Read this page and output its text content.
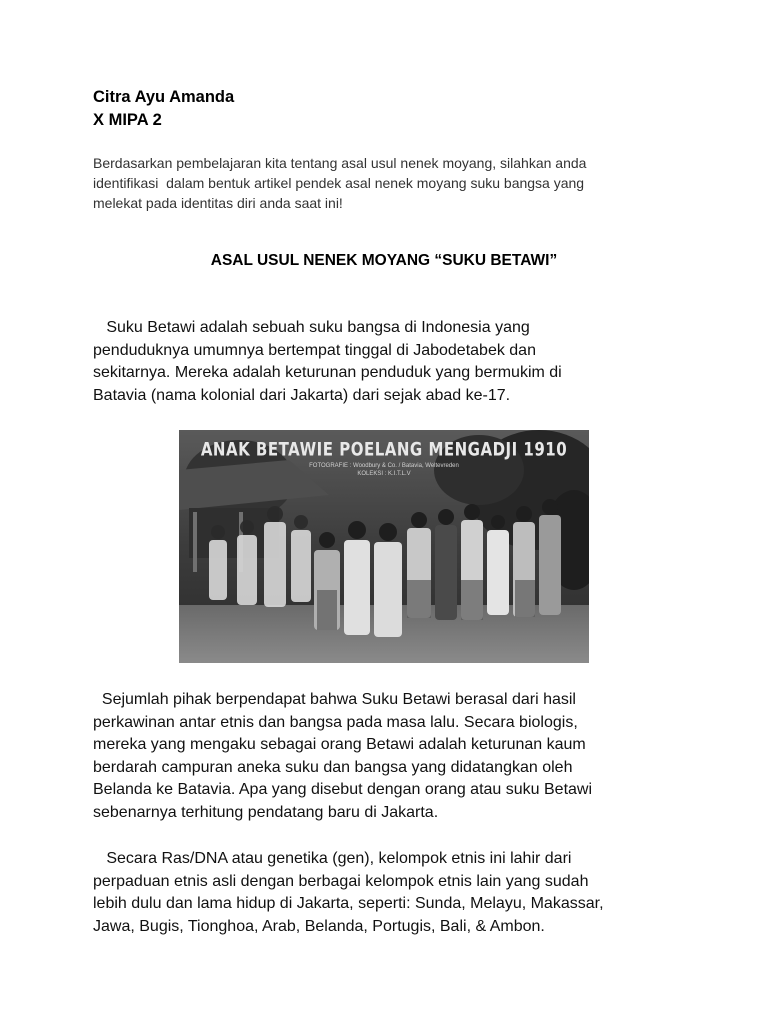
Citra Ayu Amanda

X MIPA 2

Berdasarkan pembelajaran kita tentang asal usul nenek moyang, silahkan anda
identifikasi  dalam bentuk artikel pendek asal nenek moyang suku bangsa yang
melekat pada identitas diri anda saat ini!
ASAL USUL NENEK MOYANG “SUKU BETAWI”
Suku Betawi adalah sebuah suku bangsa di Indonesia yang
penduduknya umumnya bertempat tinggal di Jabodetabek dan
sekitarnya. Mereka adalah keturunan penduduk yang bermukim di
Batavia (nama kolonial dari Jakarta) dari sejak abad ke-17.
ANAK BETAWIE POELANG MENGADJI 1910
FOTOGRAFIE : Woodbury & Co. / Batavia, Weltevreden
KOLEKSI : K.I.T.L.V
Sejumlah pihak berpendapat bahwa Suku Betawi berasal dari hasil
perkawinan antar etnis dan bangsa pada masa lalu. Secara biologis,
mereka yang mengaku sebagai orang Betawi adalah keturunan kaum
berdarah campuran aneka suku dan bangsa yang didatangkan oleh
Belanda ke Batavia. Apa yang disebut dengan orang atau suku Betawi
sebenarnya terhitung pendatang baru di Jakarta.
Secara Ras/DNA atau genetika (gen), kelompok etnis ini lahir dari
perpaduan etnis asli dengan berbagai kelompok etnis lain yang sudah
lebih dulu dan lama hidup di Jakarta, seperti: Sunda, Melayu, Makassar,
Jawa, Bugis, Tionghoa, Arab, Belanda, Portugis, Bali, & Ambon.
